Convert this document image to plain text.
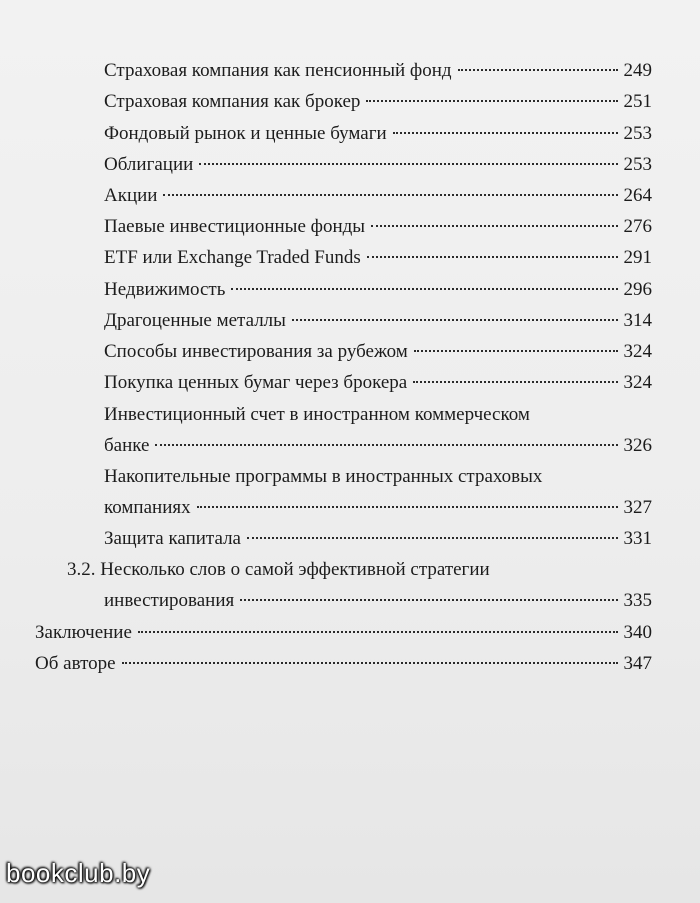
Страховая компания как пенсионный фонд	249
Страховая компания как брокер	251
Фондовый рынок и ценные бумаги	253
Облигации	253
Акции	264
Паевые инвестиционные фонды	276
ETF или Exchange Traded Funds	291
Недвижимость	296
Драгоценные металлы	314
Способы инвестирования за рубежом	324
Покупка ценных бумаг через брокера	324
Инвестиционный счет в иностранном коммерческом
банке	326
Накопительные программы в иностранных страховых
компаниях	327
Защита капитала	331
3.2. Несколько слов о самой эффективной стратегии
инвестирования	335
Заключение	340
Об авторе	347
bookclub.by
